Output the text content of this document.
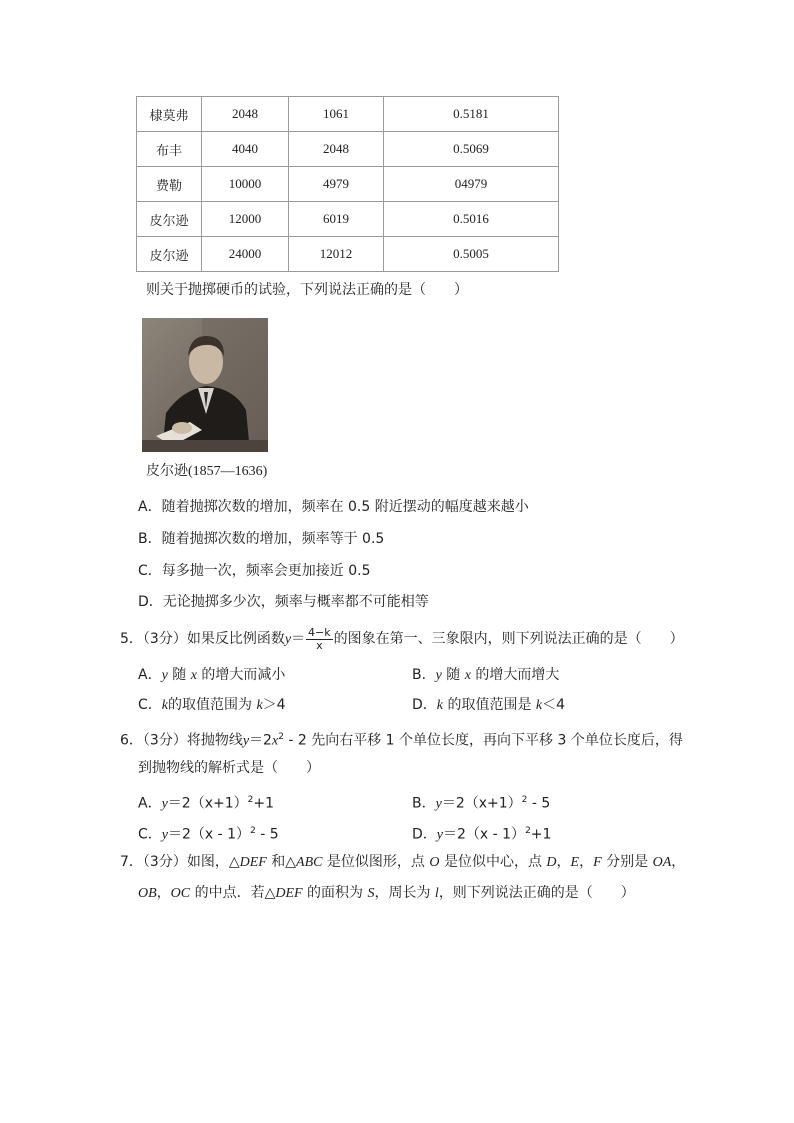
棣莫弗	2048	1061	0.5181
布丰	4040	2048	0.5069
费勒	10000	4979	04979
皮尔逊	12000	6019	0.5016
皮尔逊	24000	12012	0.5005
则关于抛掷硬币的试验，下列说法正确的是（　　）
皮尔逊(1857—1636)
A．随着抛掷次数的增加，频率在 0.5 附近摆动的幅度越来越小
B．随着抛掷次数的增加，频率等于 0.5
C．每多抛一次，频率会更加接近 0.5
D．无论抛掷多少次，频率与概率都不可能相等
5．（3分）如果反比例函数$y= \frac{4-k}{x}$ 的图象在第一、三象限内，则下列说法正确的是（　　）
A．y 随 x 的增大而减小	B．y 随 x 的增大而增大
C．k的取值范围为 k＞4	D．k 的取值范围是 k＜4
6．（3分）将抛物线$y=2x^2 - 2$ 先向右平移 1 个单位长度，再向下平移 3 个单位长度后，得
到抛物线的解析式是（　　）
A．$y=2(x+1)^2+1$	B．$y=2(x+1)^2 - 5$
C．y＝2（x - 1）$^2$ - 5	D．y＝2（x - 1）$^2$+1
7．（3分）如图，△DEF 和△ABC 是位似图形，点 O 是位似中心，点 D，E，F 分别是 OA，
OB，OC 的中点．若△DEF 的面积为 S，周长为 l，则下列说法正确的是（　　）
